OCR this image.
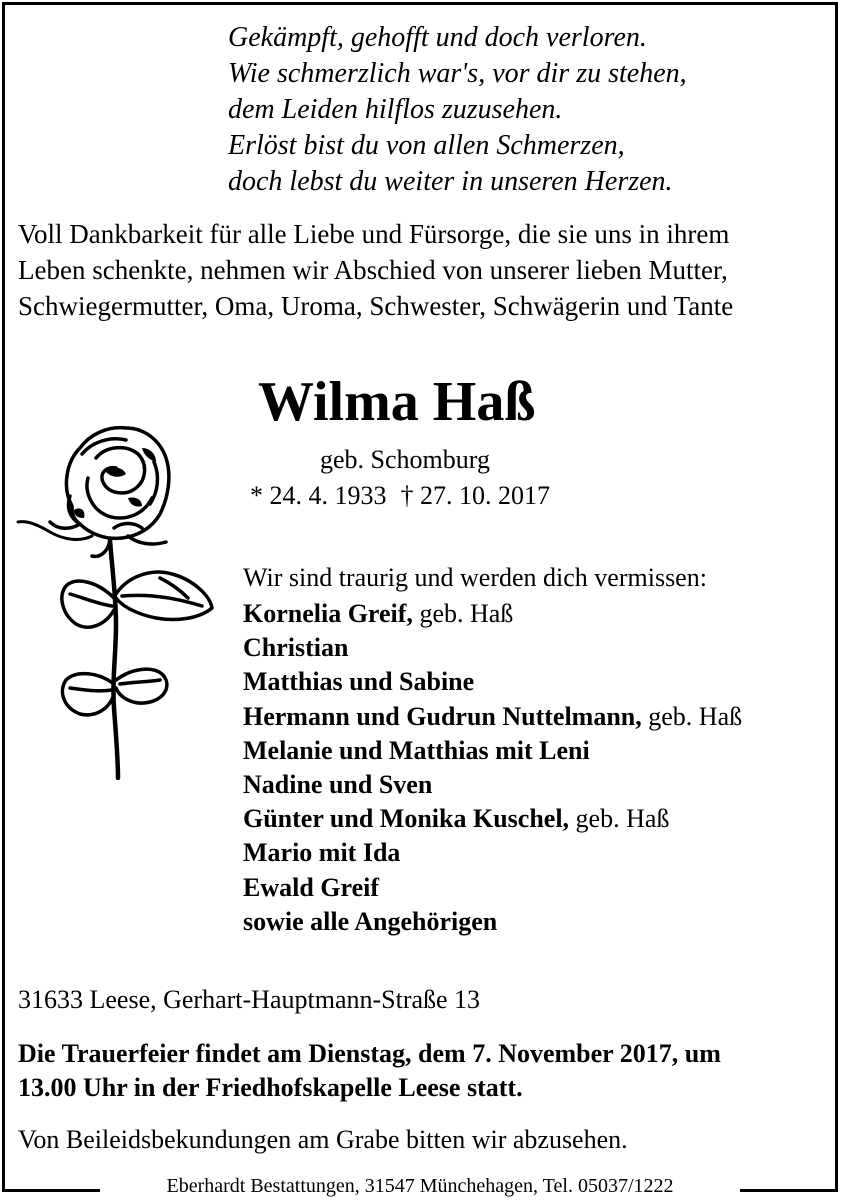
Gekämpft, gehofft und doch verloren.
Wie schmerzlich war's, vor dir zu stehen,
dem Leiden hilflos zuzusehen.
Erlöst bist du von allen Schmerzen,
doch lebst du weiter in unseren Herzen.
Voll Dankbarkeit für alle Liebe und Fürsorge, die sie uns in ihrem
Leben schenkte, nehmen wir Abschied von unserer lieben Mutter,
Schwiegermutter, Oma, Uroma, Schwester, Schwägerin und Tante
Wilma Haß
geb. Schomburg
* 24. 4. 1933 † 27. 10. 2017
Wir sind traurig und werden dich vermissen:
Kornelia Greif, geb. Haß
Christian
Matthias und Sabine
Hermann und Gudrun Nuttelmann, geb. Haß
Melanie und Matthias mit Leni
Nadine und Sven
Günter und Monika Kuschel, geb. Haß
Mario mit Ida
Ewald Greif
sowie alle Angehörigen
31633 Leese, Gerhart-Hauptmann-Straße 13
Die Trauerfeier findet am Dienstag, dem 7. November 2017, um
13.00 Uhr in der Friedhofskapelle Leese statt.
Von Beileidsbekundungen am Grabe bitten wir abzusehen.
Eberhardt Bestattungen, 31547 Münchehagen, Tel. 05037/1222
